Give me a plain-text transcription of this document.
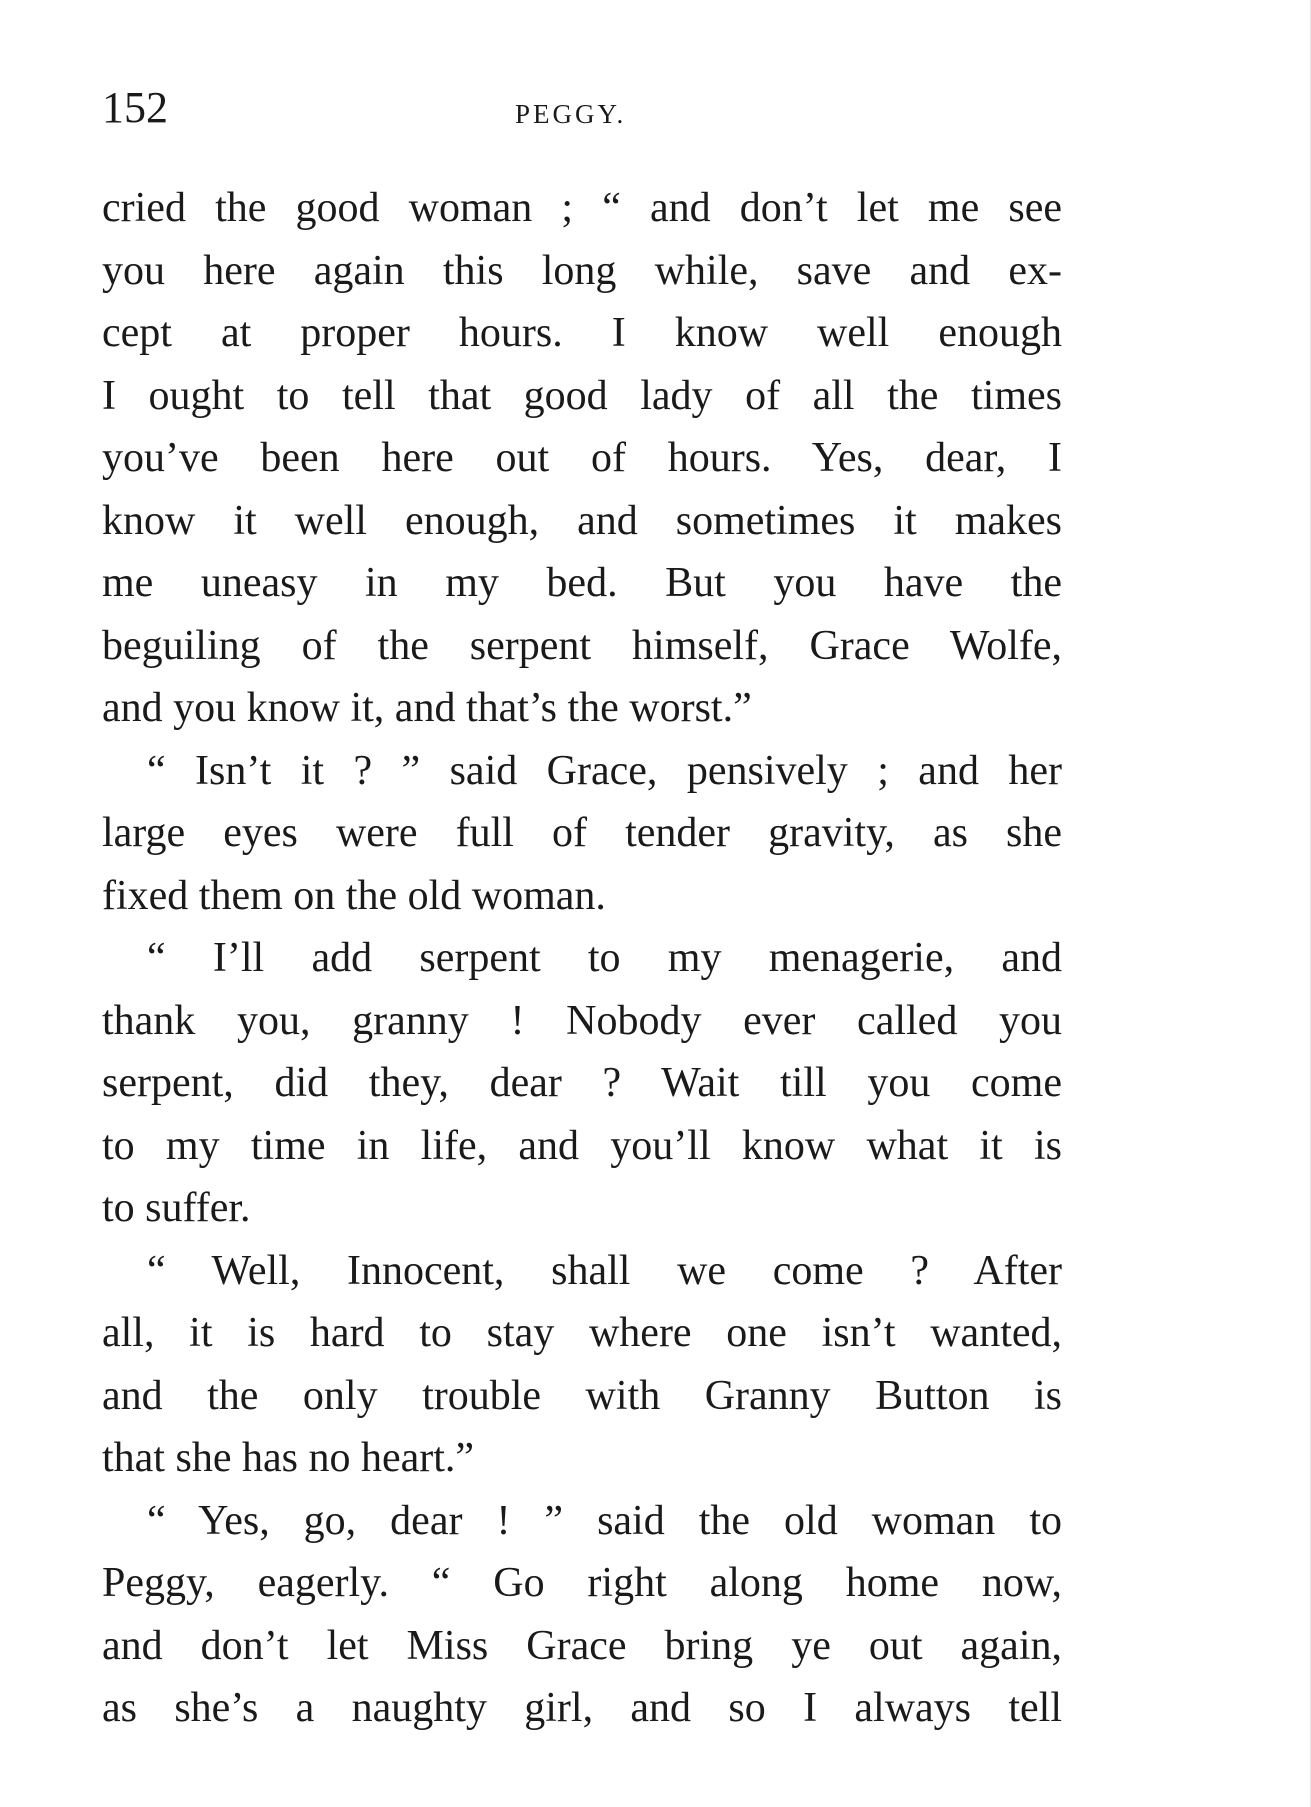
152	PEGGY.
cried the good woman ; “ and don’t let me see
you here again this long while, save and ex-
cept at proper hours. I know well enough
I ought to tell that good lady of all the times
you’ve been here out of hours. Yes, dear, I
know it well enough, and sometimes it makes
me uneasy in my bed. But you have the
beguiling of the serpent himself, Grace Wolfe,
and you know it, and that’s the worst.”
“ Isn’t it ? ” said Grace, pensively ; and her
large eyes were full of tender gravity, as she
fixed them on the old woman.
“ I’ll add serpent to my menagerie, and
thank you, granny ! Nobody ever called you
serpent, did they, dear ? Wait till you come
to my time in life, and you’ll know what it is
to suffer.
“ Well, Innocent, shall we come ? After
all, it is hard to stay where one isn’t wanted,
and the only trouble with Granny Button is
that she has no heart.”
“ Yes, go, dear ! ” said the old woman to
Peggy, eagerly. “ Go right along home now,
and don’t let Miss Grace bring ye out again,
as she’s a naughty girl, and so I always tell
